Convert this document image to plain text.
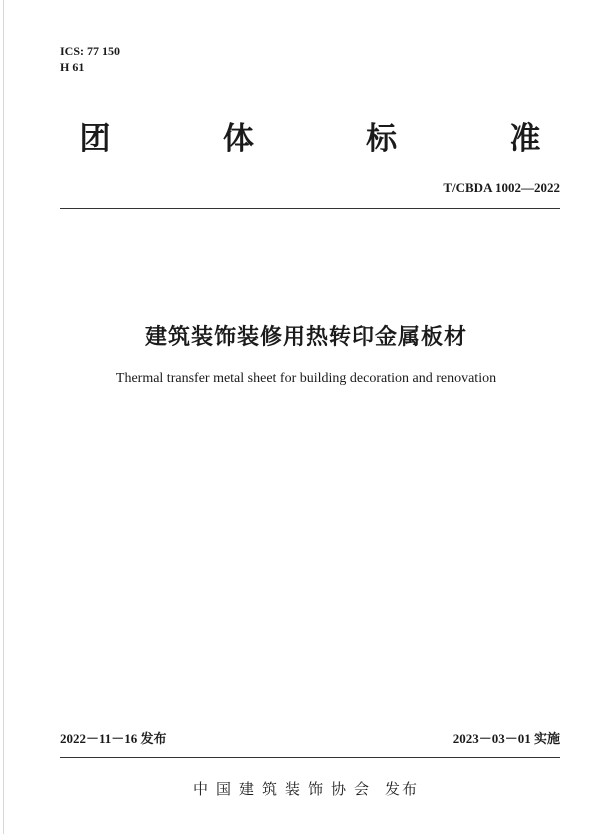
ICS: 77 150
H 61
团	体	标	准
T/CBDA 1002—2022
建筑装饰装修用热转印金属板材
Thermal transfer metal sheet for building decoration and renovation
2022－11－16 发布	2023－03－01 实施
中国建筑装饰协会 发布
